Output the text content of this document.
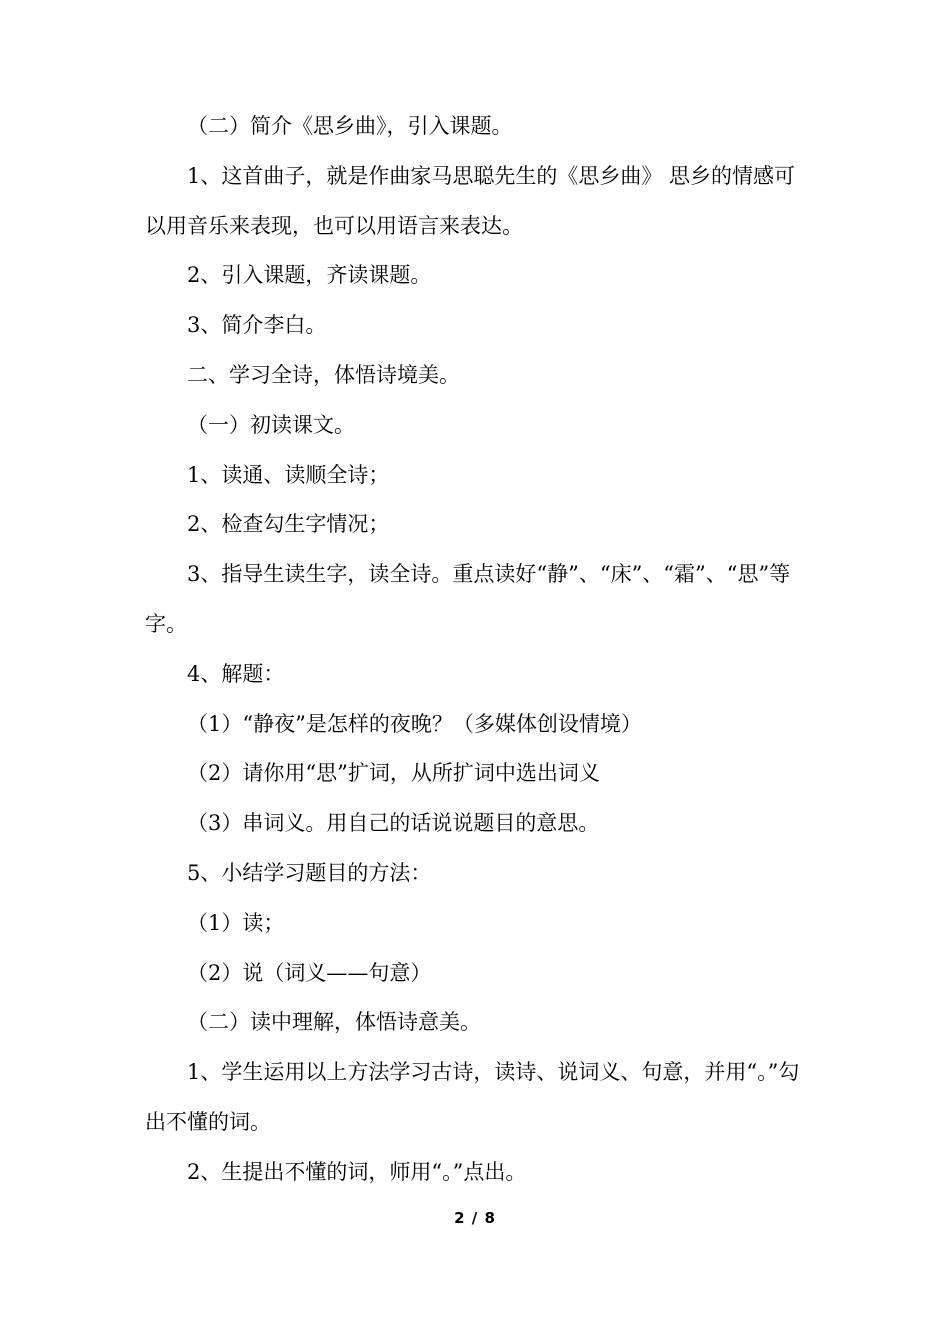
（二）简介《思乡曲》，引入课题。

1、这首曲子，就是作曲家马思聪先生的《思乡曲》 思乡的情感可以用音乐来表现，也可以用语言来表达。

2、引入课题，齐读课题。

3、简介李白。

二、学习全诗，体悟诗境美。

（一）初读课文。

1、读通、读顺全诗；

2、检查勾生字情况；

3、指导生读生字，读全诗。重点读好“静”、“床”、“霜”、“思”等字。

4、解题：

（1）“静夜”是怎样的夜晚？（多媒体创设情境）

（2）请你用“思”扩词，从所扩词中选出词义

（3）串词义。用自己的话说说题目的意思。

5、小结学习题目的方法：

（1）读；

（2）说（词义——句意）

（二）读中理解，体悟诗意美。

1、学生运用以上方法学习古诗，读诗、说词义、句意，并用“。”勾出不懂的词。

2、生提出不懂的词，师用“。”点出。

2 / 8
